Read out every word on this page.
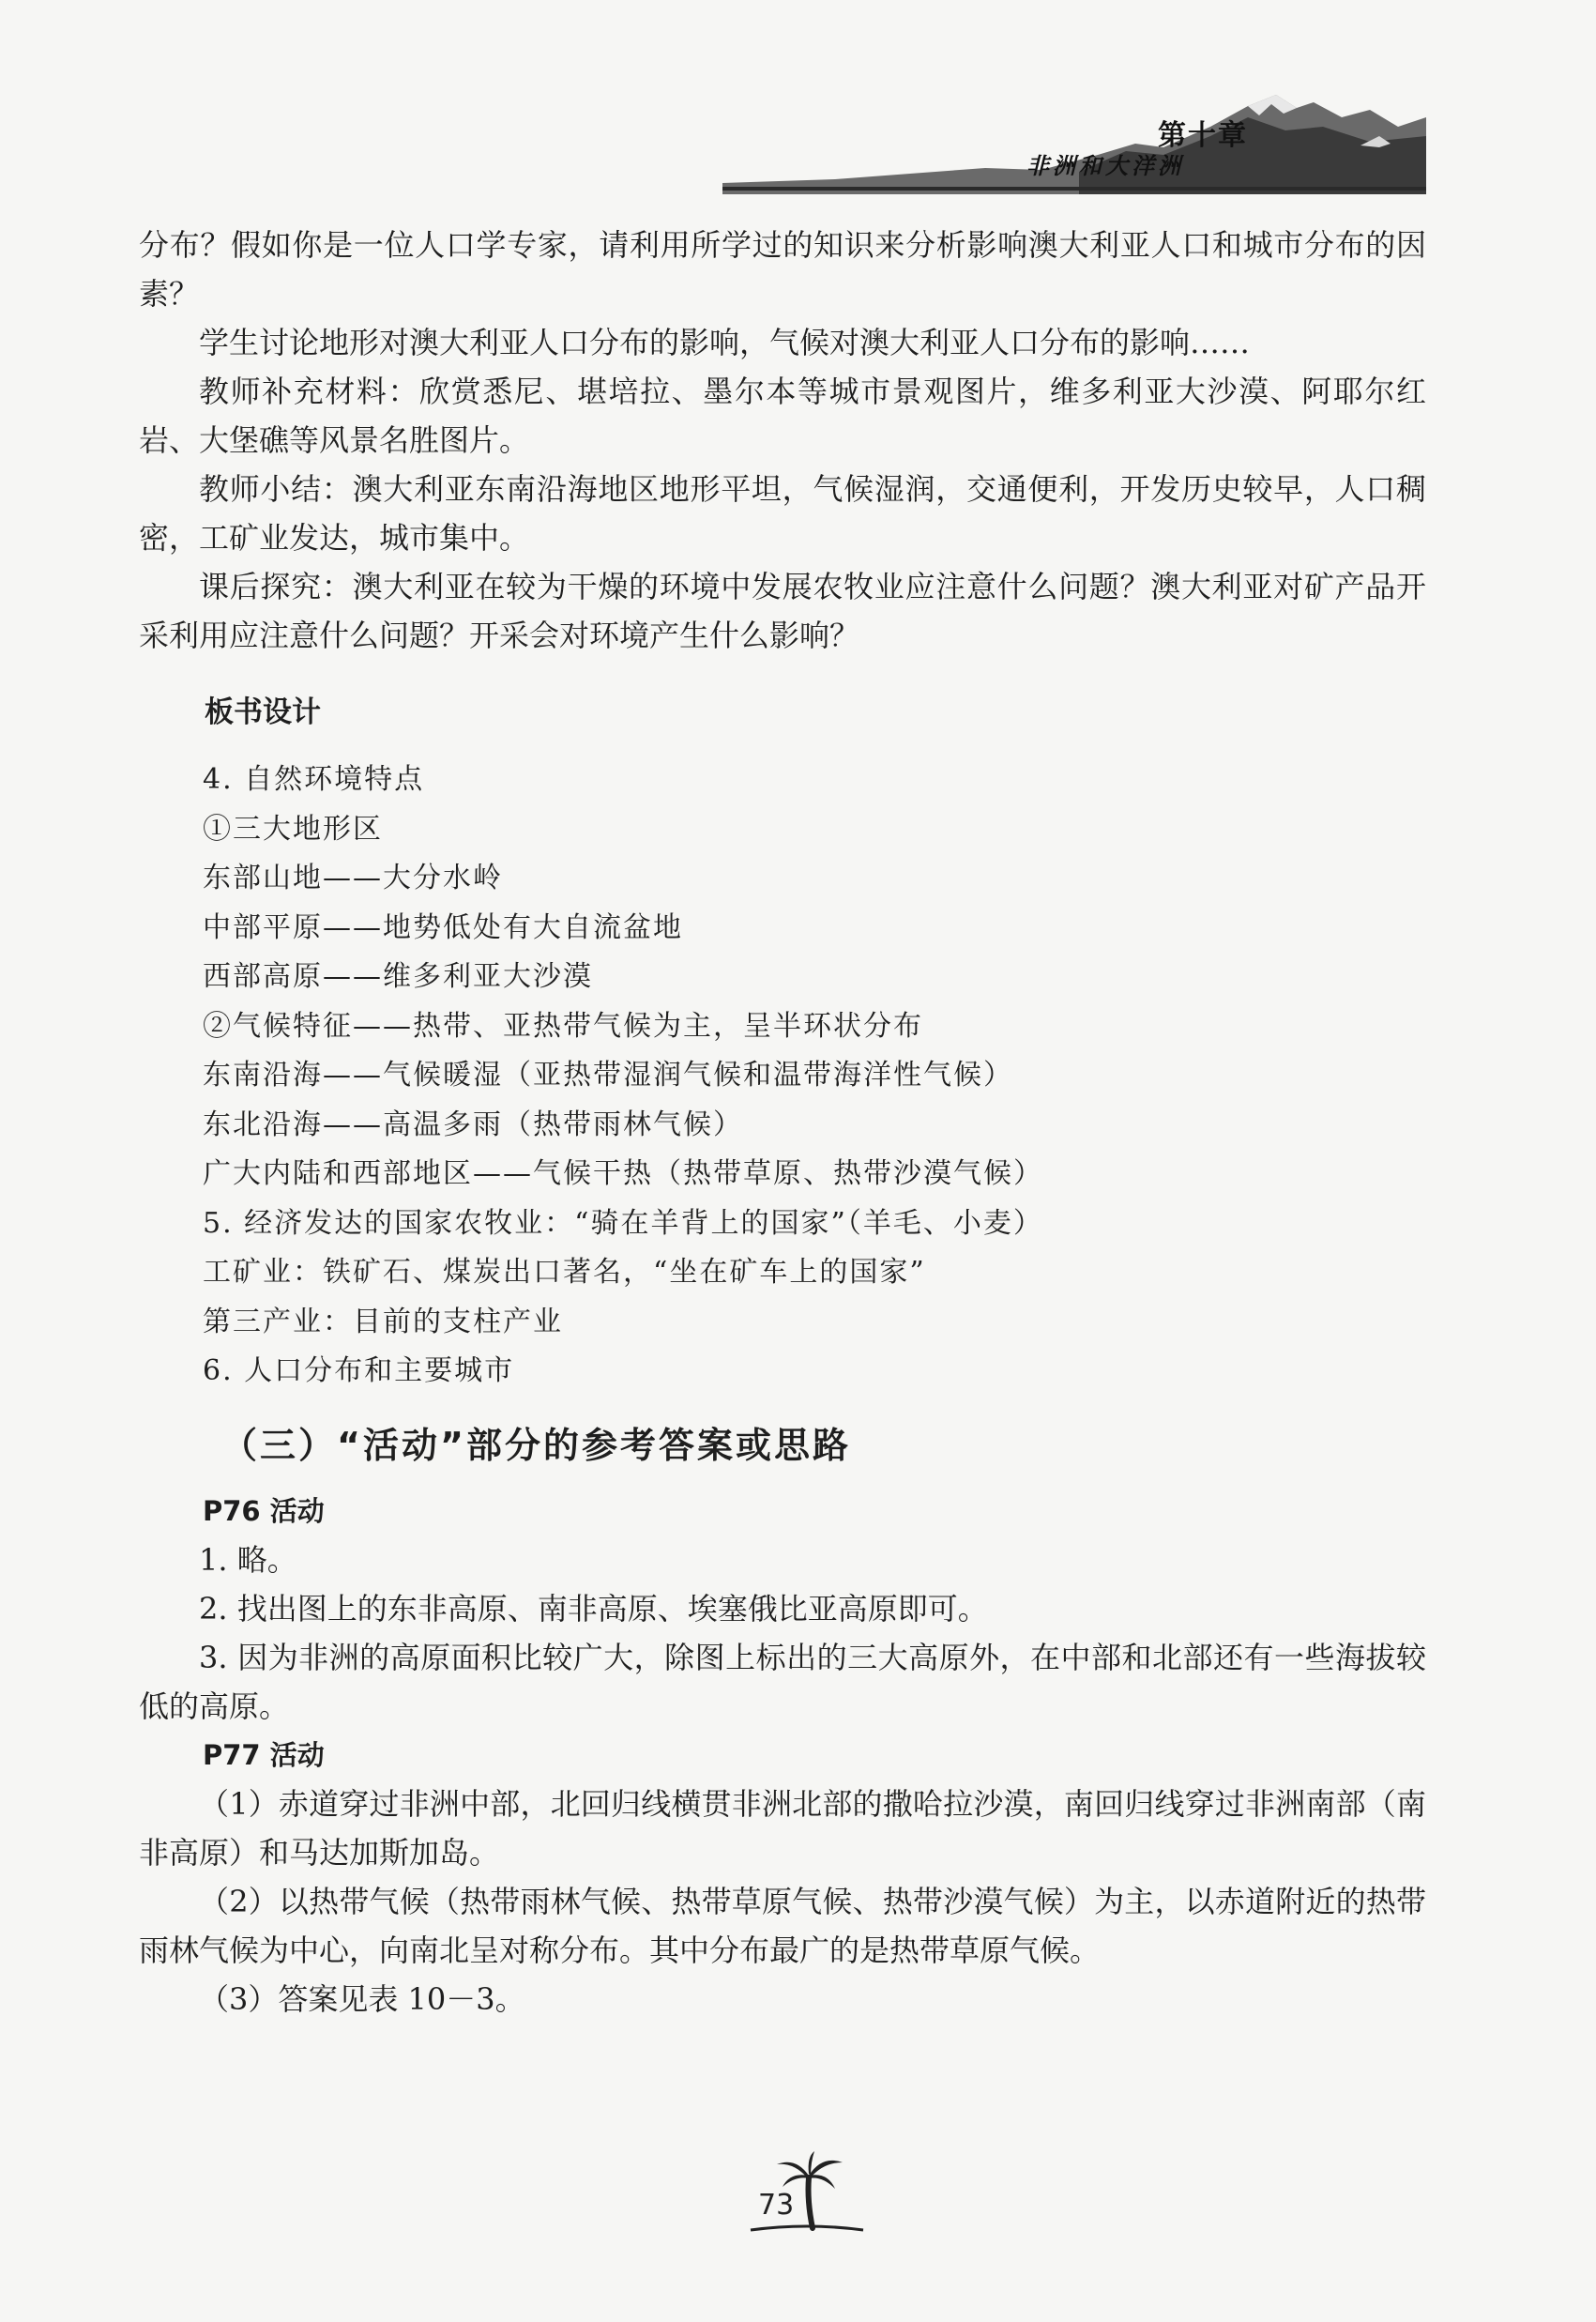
第十章
非洲和大洋洲

分布？假如你是一位人口学专家，请利用所学过的知识来分析影响澳大利亚人口和城市分布的因素？

学生讨论地形对澳大利亚人口分布的影响，气候对澳大利亚人口分布的影响……

教师补充材料：欣赏悉尼、堪培拉、墨尔本等城市景观图片，维多利亚大沙漠、阿耶尔红岩、大堡礁等风景名胜图片。

教师小结：澳大利亚东南沿海地区地形平坦，气候湿润，交通便利，开发历史较早，人口稠密，工矿业发达，城市集中。

课后探究：澳大利亚在较为干燥的环境中发展农牧业应注意什么问题？澳大利亚对矿产品开采利用应注意什么问题？开采会对环境产生什么影响？

板书设计
4. 自然环境特点
①三大地形区
东部山地——大分水岭
中部平原——地势低处有大自流盆地
西部高原——维多利亚大沙漠
②气候特征——热带、亚热带气候为主，呈半环状分布
东南沿海——气候暖湿（亚热带湿润气候和温带海洋性气候）
东北沿海——高温多雨（热带雨林气候）
广大内陆和西部地区——气候干热（热带草原、热带沙漠气候）
5. 经济发达的国家农牧业：“骑在羊背上的国家”（羊毛、小麦）
工矿业：铁矿石、煤炭出口著名，“坐在矿车上的国家”
第三产业：目前的支柱产业
6. 人口分布和主要城市
（三）“活动”部分的参考答案或思路
P76 活动

1. 略。

2. 找出图上的东非高原、南非高原、埃塞俄比亚高原即可。

3. 因为非洲的高原面积比较广大，除图上标出的三大高原外，在中部和北部还有一些海拔较低的高原。

P77 活动

（1）赤道穿过非洲中部，北回归线横贯非洲北部的撒哈拉沙漠，南回归线穿过非洲南部（南非高原）和马达加斯加岛。

（2）以热带气候（热带雨林气候、热带草原气候、热带沙漠气候）为主，以赤道附近的热带雨林气候为中心，向南北呈对称分布。其中分布最广的是热带草原气候。

（3）答案见表 10－3。

73
